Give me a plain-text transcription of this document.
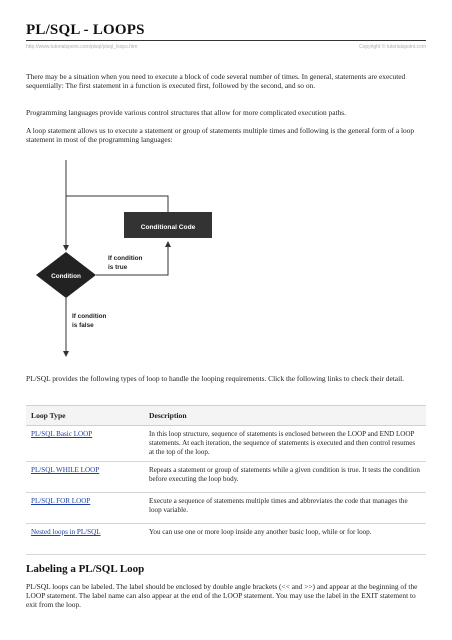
PL/SQL - LOOPS
http://www.tutorialspoint.com/plsql/plsql_loops.htm	Copyright © tutorialspoint.com

There may be a situation when you need to execute a block of code several number of times. In general, statements are executed sequentially: The first statement in a function is executed first, followed by the second, and so on.

Programming languages provide various control structures that allow for more complicated execution paths.

A loop statement allows us to execute a statement or group of statements multiple times and following is the general form of a loop statement in most of the programming languages:

Conditional Code
Condition
If condition
is true
If condition
is false

PL/SQL provides the following types of loop to handle the looping requirements. Click the following links to check their detail.

Loop Type	Description
PL/SQL Basic LOOP	In this loop structure, sequence of statements is enclosed between the LOOP and END LOOP statements. At each iteration, the sequence of statements is executed and then control resumes at the top of the loop.
PL/SQL WHILE LOOP	Repeats a statement or group of statements while a given condition is true. It tests the condition before executing the loop body.
PL/SQL FOR LOOP	Execute a sequence of statements multiple times and abbreviates the code that manages the loop variable.
Nested loops in PL/SQL	You can use one or more loop inside any another basic loop, while or for loop.
Labeling a PL/SQL Loop

PL/SQL loops can be labeled. The label should be enclosed by double angle brackets (<< and >>) and appear at the beginning of the LOOP statement. The label name can also appear at the end of the LOOP statement. You may use the label in the EXIT statement to exit from the loop.
